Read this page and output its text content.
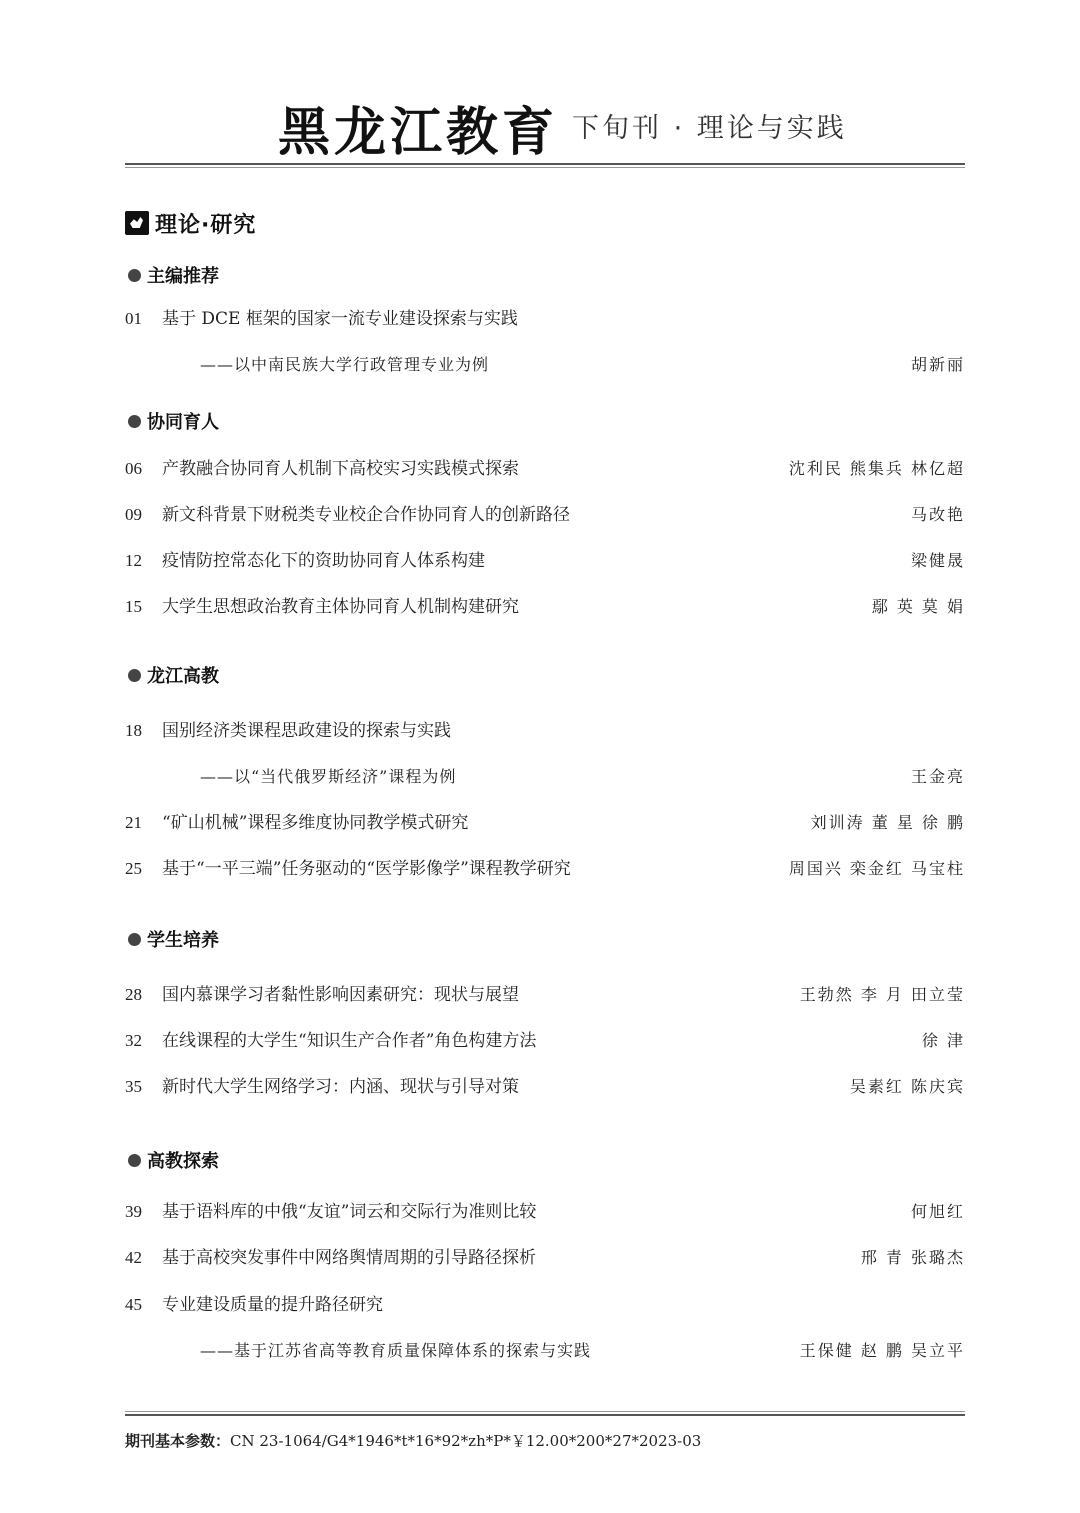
黑龙江教育 下旬刊 · 理论与实践
理论·研究
主编推荐
协同育人
龙江高教
学生培养
高教探索
01	基于 DCE 框架的国家一流专业建设探索与实践
——以中南民族大学行政管理专业为例	胡新丽
06	产教融合协同育人机制下高校实习实践模式探索	沈利民 熊集兵 林亿超
09	新文科背景下财税类专业校企合作协同育人的创新路径	马改艳
12	疫情防控常态化下的资助协同育人体系构建	梁健晟
15	大学生思想政治教育主体协同育人机制构建研究	鄢 英 莫 娟
18	国别经济类课程思政建设的探索与实践
——以“当代俄罗斯经济”课程为例	王金亮
21	“矿山机械”课程多维度协同教学模式研究	刘训涛 董 星 徐 鹏
25	基于“一平三端”任务驱动的“医学影像学”课程教学研究	周国兴 栾金红 马宝柱
28	国内慕课学习者黏性影响因素研究：现状与展望	王勃然 李 月 田立莹
32	在线课程的大学生“知识生产合作者”角色构建方法	徐 津
35	新时代大学生网络学习：内涵、现状与引导对策	吴素红 陈庆宾
39	基于语料库的中俄“友谊”词云和交际行为准则比较	何旭红
42	基于高校突发事件中网络舆情周期的引导路径探析	邢 青 张璐杰
45	专业建设质量的提升路径研究
——基于江苏省高等教育质量保障体系的探索与实践	王保健 赵 鹏 吴立平
期刊基本参数：CN 23-1064/G4*1946*t*16*92*zh*P*￥12.00*200*27*2023-03
